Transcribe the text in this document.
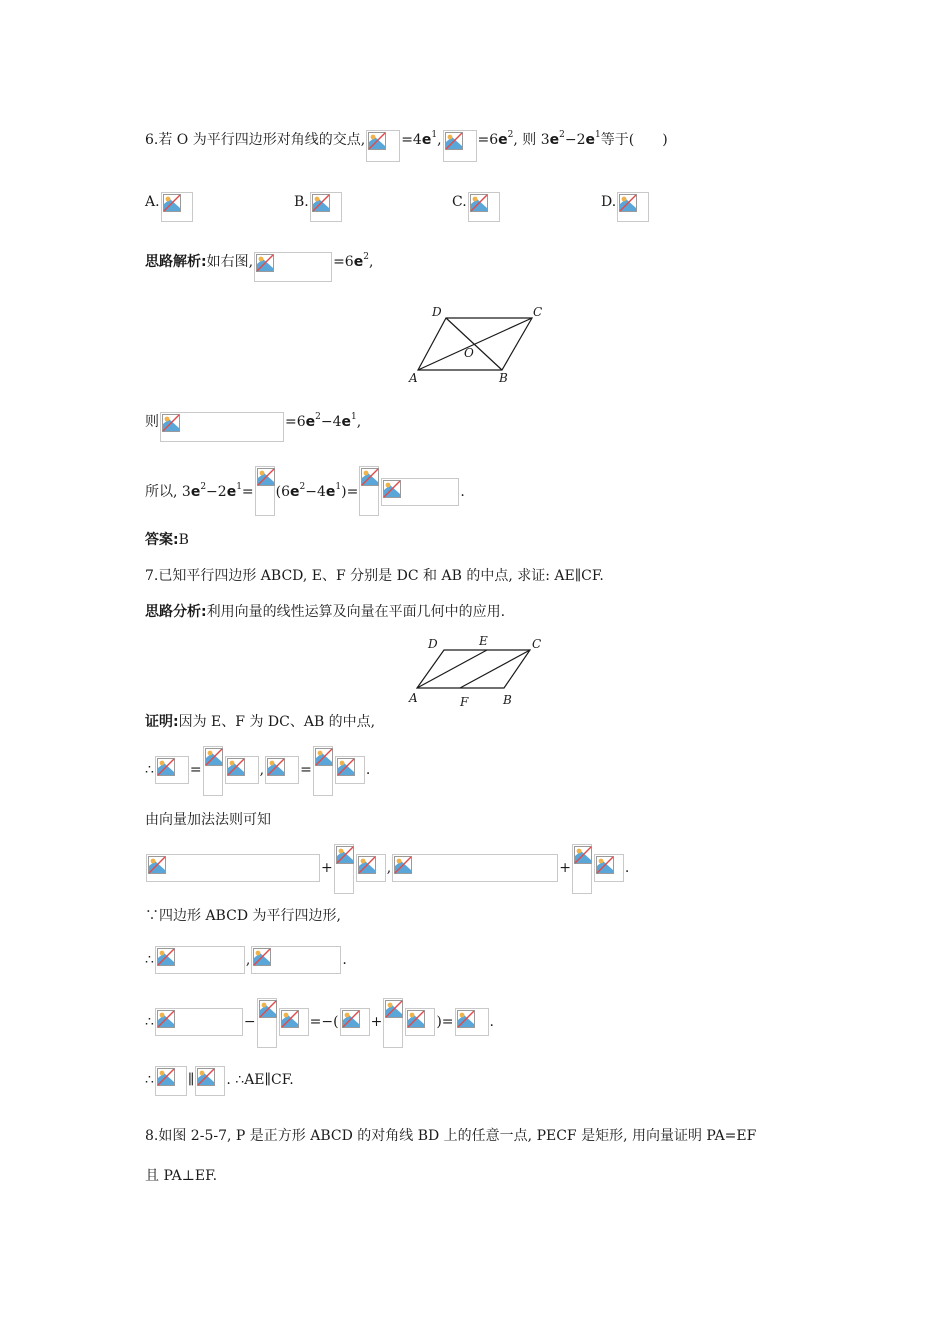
6.若 O 为平行四边形对角线的交点,	=4 $e^1$ ,	=6 $e^2$ , 则 3 $e^2 -2$ $e^1$ 等于(　　)
A.	B.	C.	D.
思路解析: 如右图,	=6 $e^2$ ,
D	C
O
A	B
则	=6 $e^2 -4$ $e^1$ ,
所以, 3 $e^2 -2$ $e^1 = (6$ $e^2 -4$ $e^1$ )=	.
答案: B
7.已知平行四边形 ABCD, E、F 分别是 DC 和 AB 的中点, 求证: AE∥CF.
思路分析: 利用向量的线性运算及向量在平面几何中的应用.
D	E	C
A	F	B
证明: 因为 E、F 为 DC、AB 的中点,
∴	=	,	=	.
由向量加法法则可知
+	,	+	.
∵四边形 ABCD 为平行四边形,
∴	,	.
∴	−	=−( +	)=	.
∴ ∥ . ∴AE∥CF.
8.如图 2-5-7, P 是正方形 ABCD 的对角线 BD 上的任意一点, PECF 是矩形, 用向量证明 PA=EF
且 PA⊥EF.
